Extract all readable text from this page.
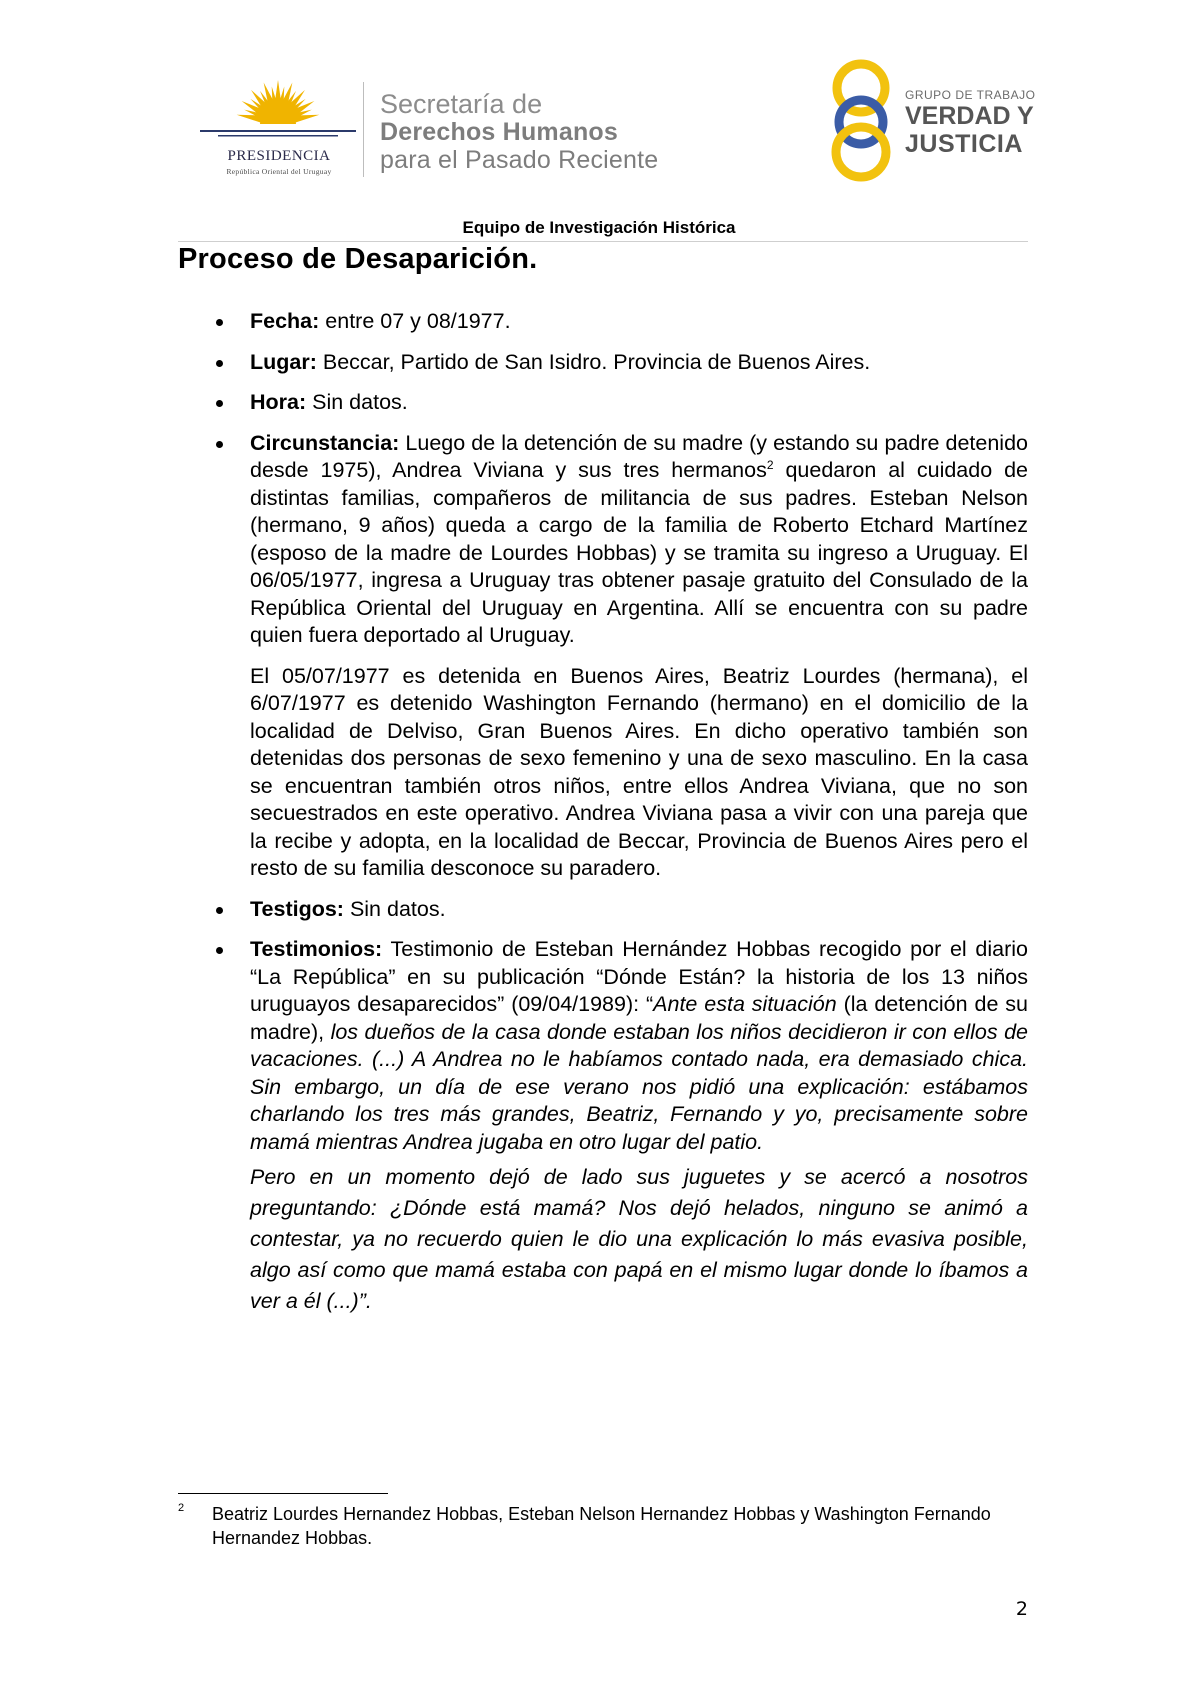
PRESIDENCIA
República Oriental del Uruguay
Secretaría de
Derechos Humanos
para el Pasado Reciente
GRUPO DE TRABAJO
VERDAD Y
JUSTICIA
Equipo de Investigación Histórica
Proceso de Desaparición.
Fecha: entre 07 y 08/1977.
Lugar: Beccar, Partido de San Isidro. Provincia de Buenos Aires.
Hora: Sin datos.
Circunstancia: Luego de la detención de su madre (y estando su padre detenido desde 1975), Andrea Viviana y sus tres hermanos$^2$ quedaron al cuidado de distintas familias, compañeros de militancia de sus padres. Esteban Nelson (hermano, 9 años) queda a cargo de la familia de Roberto Etchard Martínez (esposo de la madre de Lourdes Hobbas) y se tramita su ingreso a Uruguay. El 06/05/1977, ingresa a Uruguay tras obtener pasaje gratuito del Consulado de la República Oriental del Uruguay en Argentina. Allí se encuentra con su padre quien fuera deportado al Uruguay.

El 05/07/1977 es detenida en Buenos Aires, Beatriz Lourdes (hermana), el 6/07/1977 es detenido Washington Fernando (hermano) en el domicilio de la localidad de Delviso, Gran Buenos Aires. En dicho operativo también son detenidas dos personas de sexo femenino y una de sexo masculino. En la casa se encuentran también otros niños, entre ellos Andrea Viviana, que no son secuestrados en este operativo. Andrea Viviana pasa a vivir con una pareja que la recibe y adopta, en la localidad de Beccar, Provincia de Buenos Aires pero el resto de su familia desconoce su paradero.

Testigos: Sin datos.
Testimonios: Testimonio de Esteban Hernández Hobbas recogido por el diario “La República” en su publicación “Dónde Están? la historia de los 13 niños uruguayos desaparecidos” (09/04/1989): “Ante esta situación (la detención de su madre), los dueños de la casa donde estaban los niños decidieron ir con ellos de vacaciones. (...) A Andrea no le habíamos contado nada, era demasiado chica. Sin embargo, un día de ese verano nos pidió una explicación: estábamos charlando los tres más grandes, Beatriz, Fernando y yo, precisamente sobre mamá mientras Andrea jugaba en otro lugar del patio.

Pero en un momento dejó de lado sus juguetes y se acercó a nosotros preguntando: ¿Dónde está mamá? Nos dejó helados, ninguno se animó a contestar, ya no recuerdo quien le dio una explicación lo más evasiva posible, algo así como que mamá estaba con papá en el mismo lugar donde lo íbamos a ver a él (...)”.

2 Beatriz Lourdes Hernandez Hobbas, Esteban Nelson Hernandez Hobbas y Washington Fernando Hernandez Hobbas.
2
